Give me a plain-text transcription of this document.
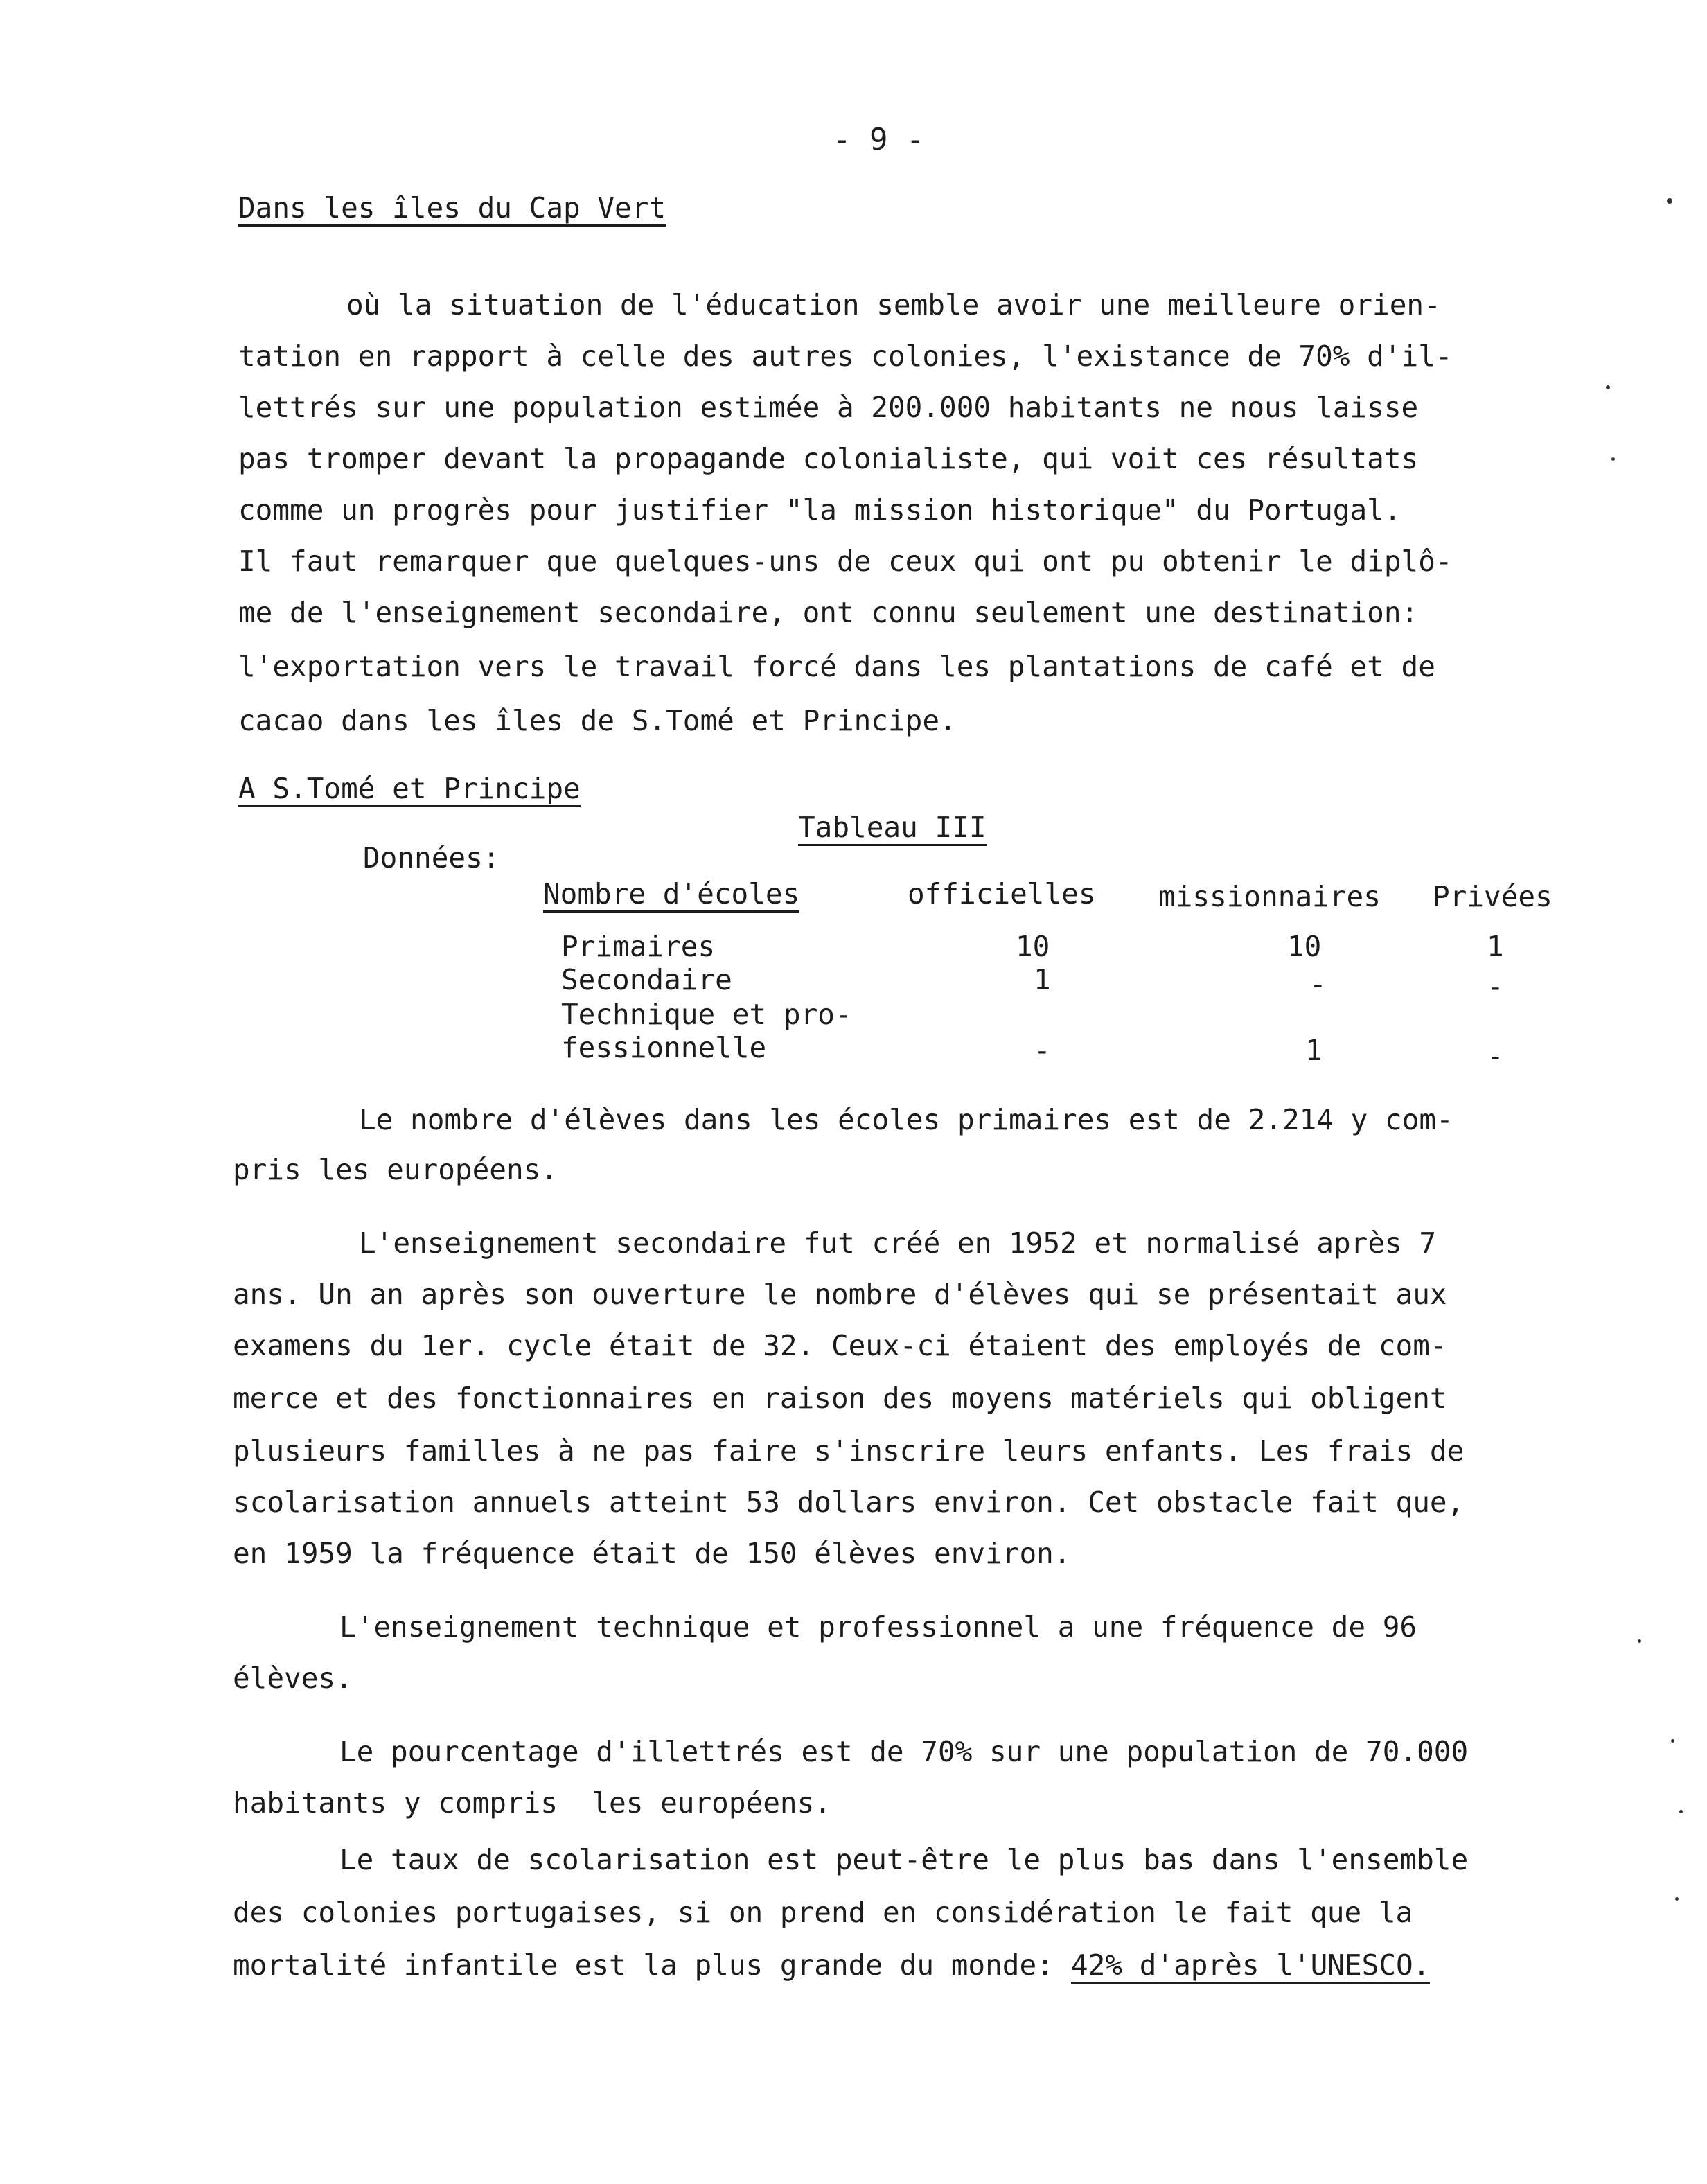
- 9 -
Dans les îles du Cap Vert
où la situation de l'éducation semble avoir une meilleure orien-
tation en rapport à celle des autres colonies, l'existance de 70% d'il-
lettrés sur une population estimée à 200.000 habitants ne nous laisse
pas tromper devant la propagande colonialiste, qui voit ces résultats
comme un progrès pour justifier "la mission historique" du Portugal.
Il faut remarquer que quelques-uns de ceux qui ont pu obtenir le diplô-
me de l'enseignement secondaire, ont connu seulement une destination:
l'exportation vers le travail forcé dans les plantations de café et de
cacao dans les îles de S.Tomé et Principe.
A S.Tomé et Principe
Tableau III
Données:
Nombre d'écoles	officielles missionnaires Privées
Primaires	10	10	1
Secondaire	1	-	-
Technique et pro-
fessionnelle	-	1	-
Le nombre d'élèves dans les écoles primaires est de 2.214 y com-
pris les européens.
L'enseignement secondaire fut créé en 1952 et normalisé après 7
ans. Un an après son ouverture le nombre d'élèves qui se présentait aux
examens du 1er. cycle était de 32. Ceux-ci étaient des employés de com-
merce et des fonctionnaires en raison des moyens matériels qui obligent
plusieurs familles à ne pas faire s'inscrire leurs enfants. Les frais de
scolarisation annuels atteint 53 dollars environ. Cet obstacle fait que,
en 1959 la fréquence était de 150 élèves environ.
L'enseignement technique et professionnel a une fréquence de 96
élèves.
Le pourcentage d'illettrés est de 70% sur une population de 70.000
habitants y compris  les européens.
Le taux de scolarisation est peut-être le plus bas dans l'ensemble
des colonies portugaises, si on prend en considération le fait que la
mortalité infantile est la plus grande du monde: 42% d'après l'UNESCO.
